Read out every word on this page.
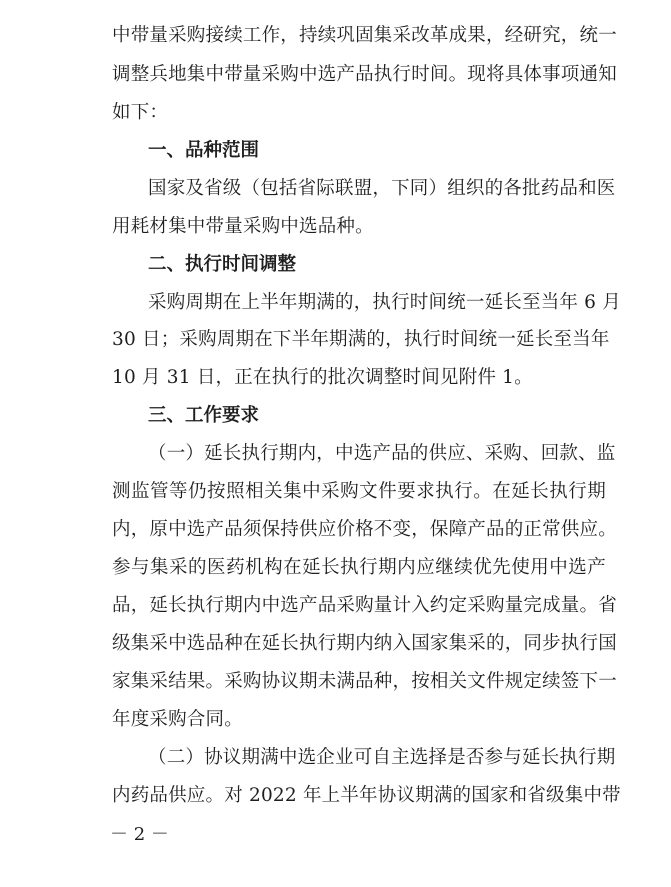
中带量采购接续工作，持续巩固集采改革成果，经研究，统一
调整兵地集中带量采购中选产品执行时间。现将具体事项通知
如下：
一、品种范围
国家及省级（包括省际联盟，下同）组织的各批药品和医
用耗材集中带量采购中选品种。
二、执行时间调整
采购周期在上半年期满的，执行时间统一延长至当年 6 月
30 日；采购周期在下半年期满的，执行时间统一延长至当年
10 月 31 日，正在执行的批次调整时间见附件 1。
三、工作要求
（一）延长执行期内，中选产品的供应、采购、回款、监
测监管等仍按照相关集中采购文件要求执行。在延长执行期
内，原中选产品须保持供应价格不变，保障产品的正常供应。
参与集采的医药机构在延长执行期内应继续优先使用中选产
品，延长执行期内中选产品采购量计入约定采购量完成量。省
级集采中选品种在延长执行期内纳入国家集采的，同步执行国
家集采结果。采购协议期未满品种，按相关文件规定续签下一
年度采购合同。
（二）协议期满中选企业可自主选择是否参与延长执行期
内药品供应。对 2022 年上半年协议期满的国家和省级集中带
－ 2 －
